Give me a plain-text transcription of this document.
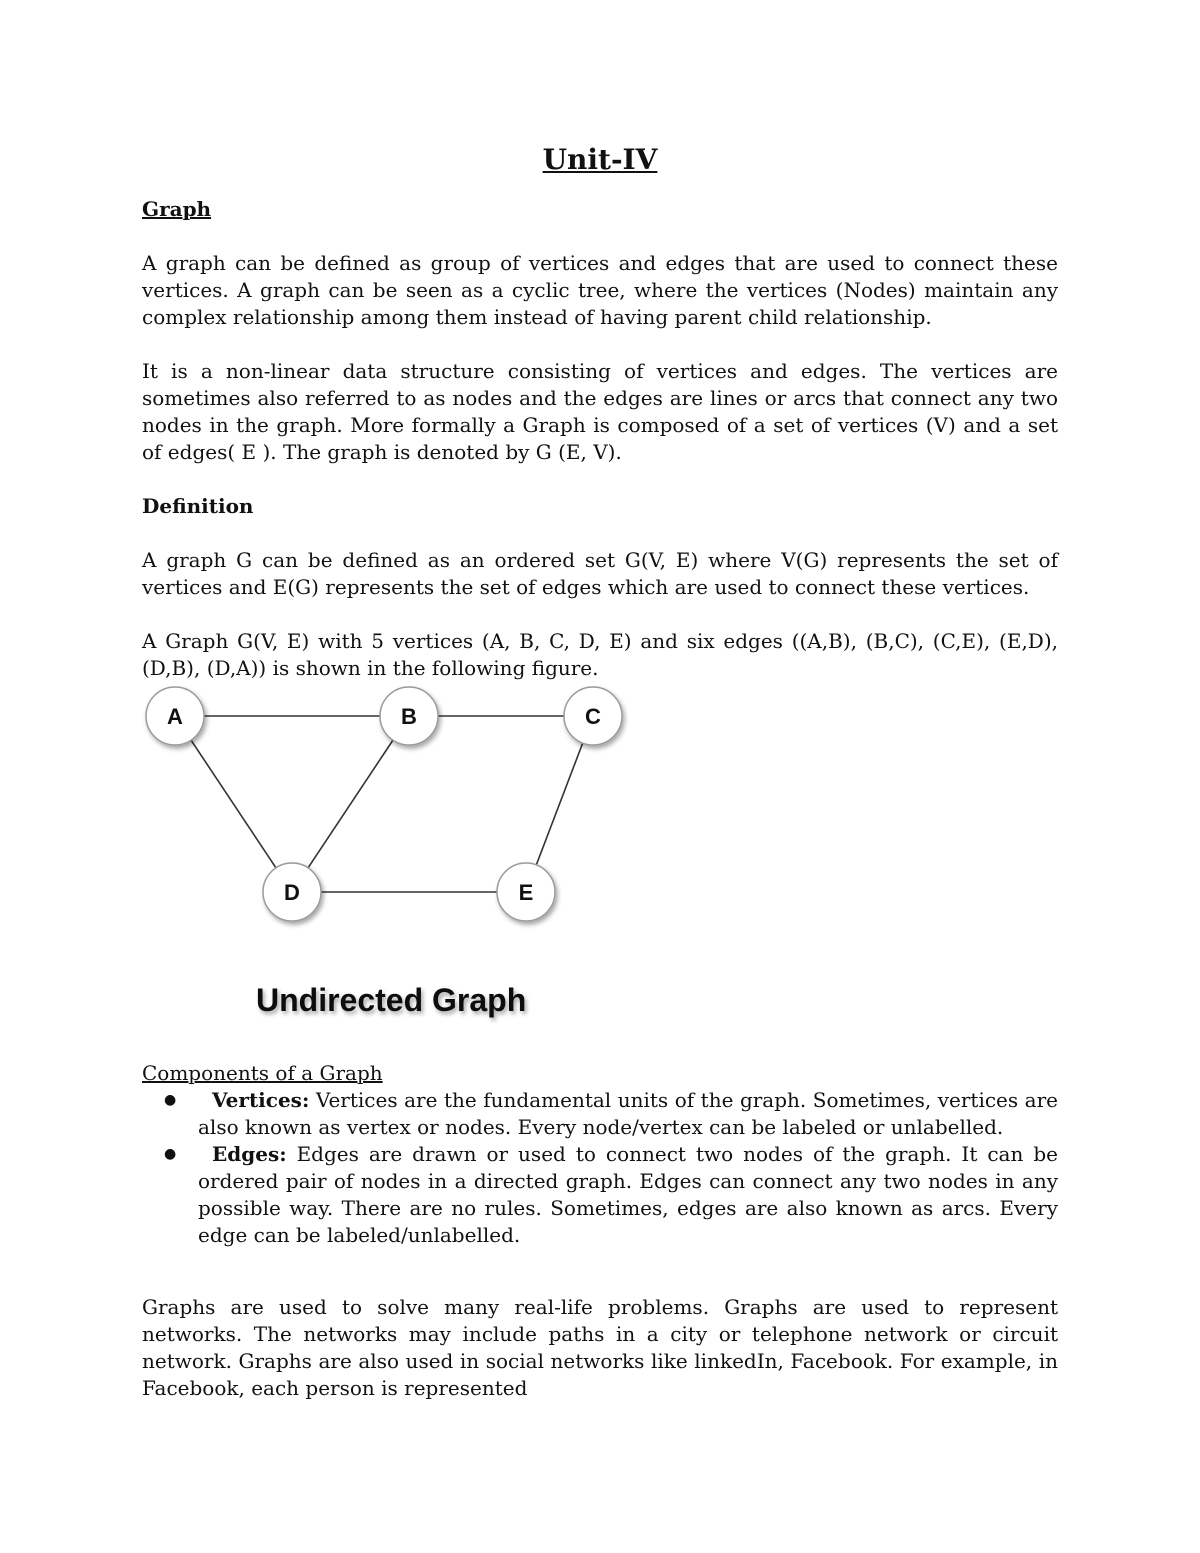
Unit-IV
Graph

A graph can be defined as group of vertices and edges that are used to connect these vertices. A graph can be seen as a cyclic tree, where the vertices (Nodes) maintain any complex relationship among them instead of having parent child relationship.

It is a non-linear data structure consisting of vertices and edges. The vertices are sometimes also referred to as nodes and the edges are lines or arcs that connect any two nodes in the graph. More formally a Graph is composed of a set of vertices (V) and a set of edges( E ). The graph is denoted by G (E, V).

Definition

A graph G can be defined as an ordered set G(V, E) where V(G) represents the set of vertices and E(G) represents the set of edges which are used to connect these vertices.

A Graph G(V, E) with 5 vertices (A, B, C, D, E) and six edges ((A,B), (B,C), (C,E), (E,D), (D,B), (D,A)) is shown in the following figure.

A	B	C
D	E
Undirected Graph
Components of a Graph
● Vertices: Vertices are the fundamental units of the graph. Sometimes, vertices are also known as vertex or nodes. Every node/vertex can be labeled or unlabelled.
● Edges: Edges are drawn or used to connect two nodes of the graph. It can be ordered pair of nodes in a directed graph. Edges can connect any two nodes in any possible way. There are no rules. Sometimes, edges are also known as arcs. Every edge can be labeled/unlabelled.

Graphs are used to solve many real-life problems. Graphs are used to represent networks. The networks may include paths in a city or telephone network or circuit network. Graphs are also used in social networks like linkedIn, Facebook. For example, in Facebook, each person is represented
